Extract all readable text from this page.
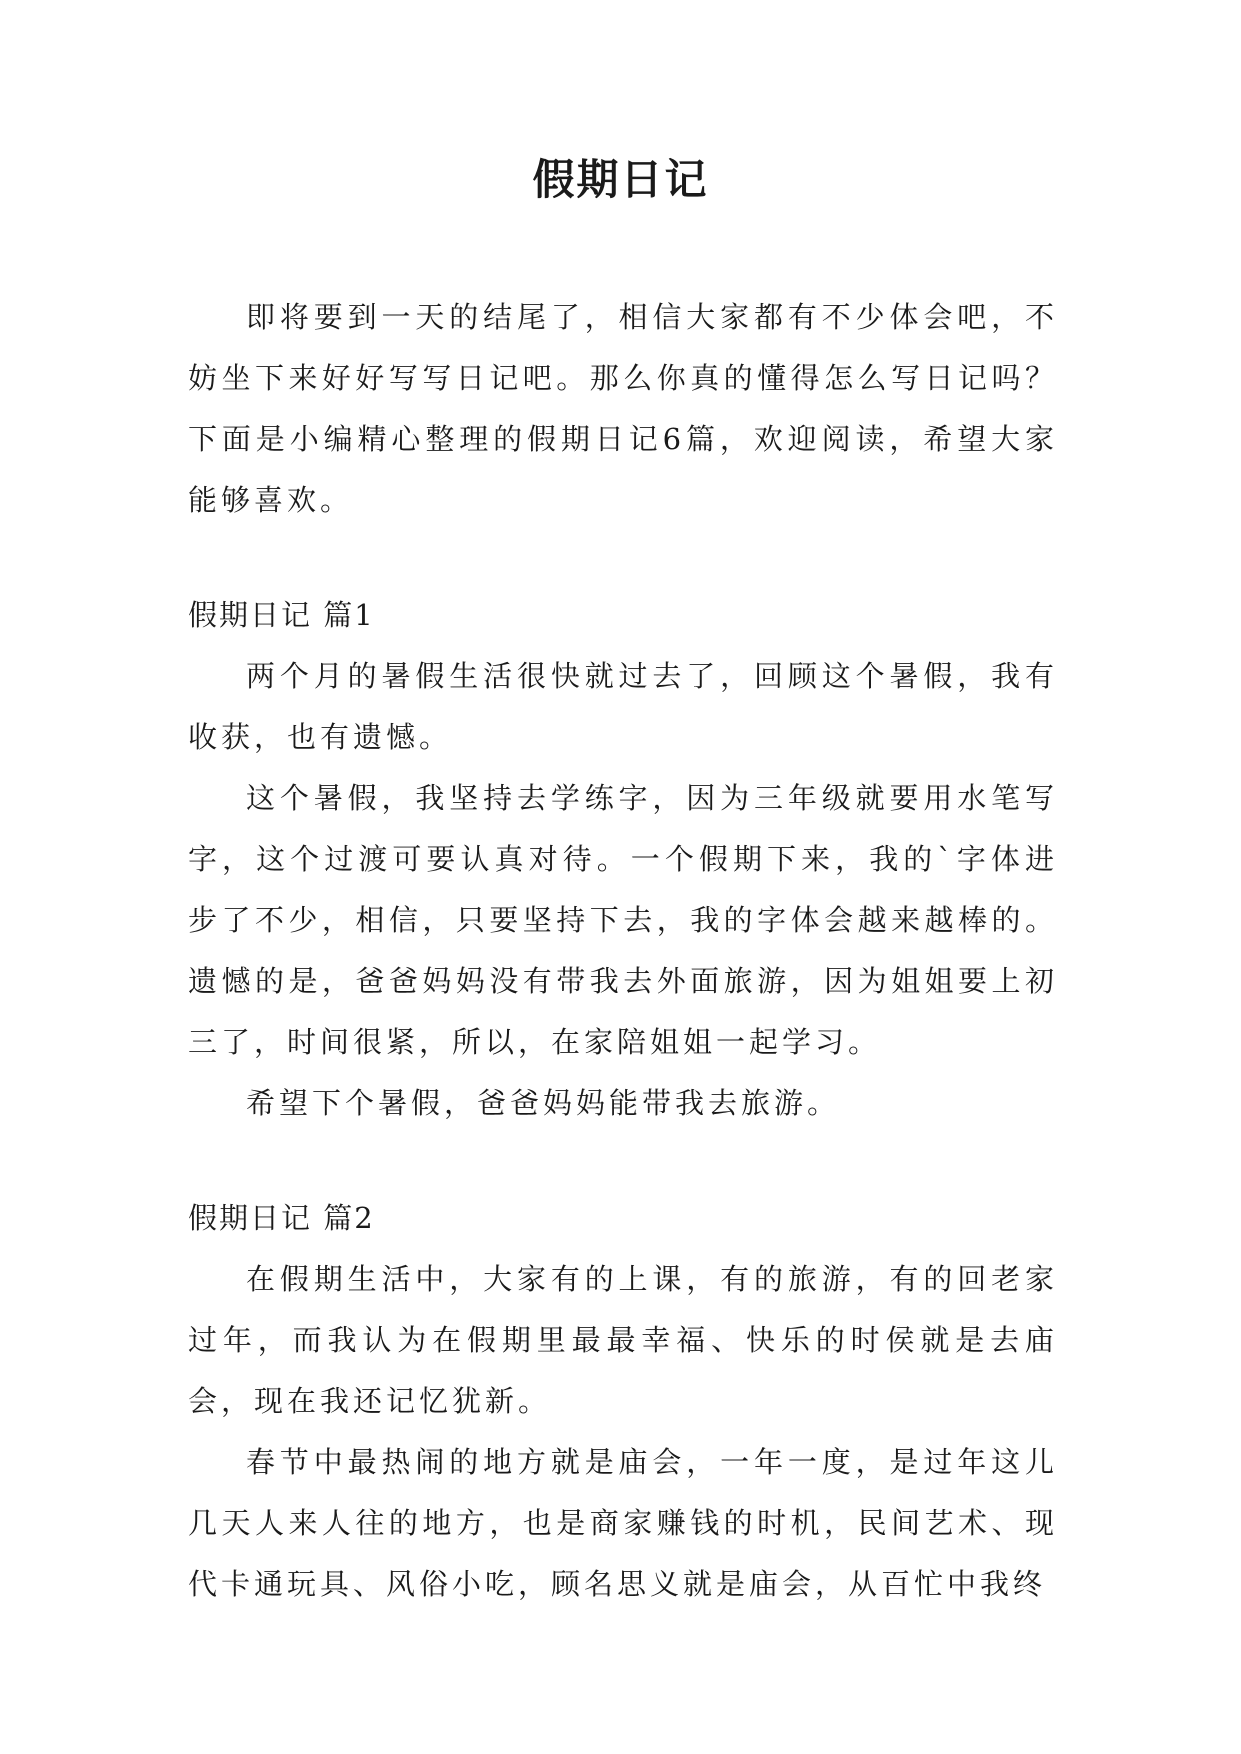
假期日记

即将要到一天的结尾了，相信大家都有不少体会吧，不妨坐下来好好写写日记吧。那么你真的懂得怎么写日记吗？下面是小编精心整理的假期日记6篇，欢迎阅读，希望大家能够喜欢。

假期日记 篇1

两个月的暑假生活很快就过去了，回顾这个暑假，我有收获，也有遗憾。

这个暑假，我坚持去学练字，因为三年级就要用水笔写字，这个过渡可要认真对待。一个假期下来，我的`字体进步了不少，相信，只要坚持下去，我的字体会越来越棒的。遗憾的是，爸爸妈妈没有带我去外面旅游，因为姐姐要上初三了，时间很紧，所以，在家陪姐姐一起学习。

希望下个暑假，爸爸妈妈能带我去旅游。

假期日记 篇2

在假期生活中，大家有的上课，有的旅游，有的回老家过年，而我认为在假期里最最幸福、快乐的时侯就是去庙会，现在我还记忆犹新。

春节中最热闹的地方就是庙会，一年一度，是过年这儿几天人来人往的地方，也是商家赚钱的时机，民间艺术、现代卡通玩具、风俗小吃，顾名思义就是庙会，从百忙中我终
